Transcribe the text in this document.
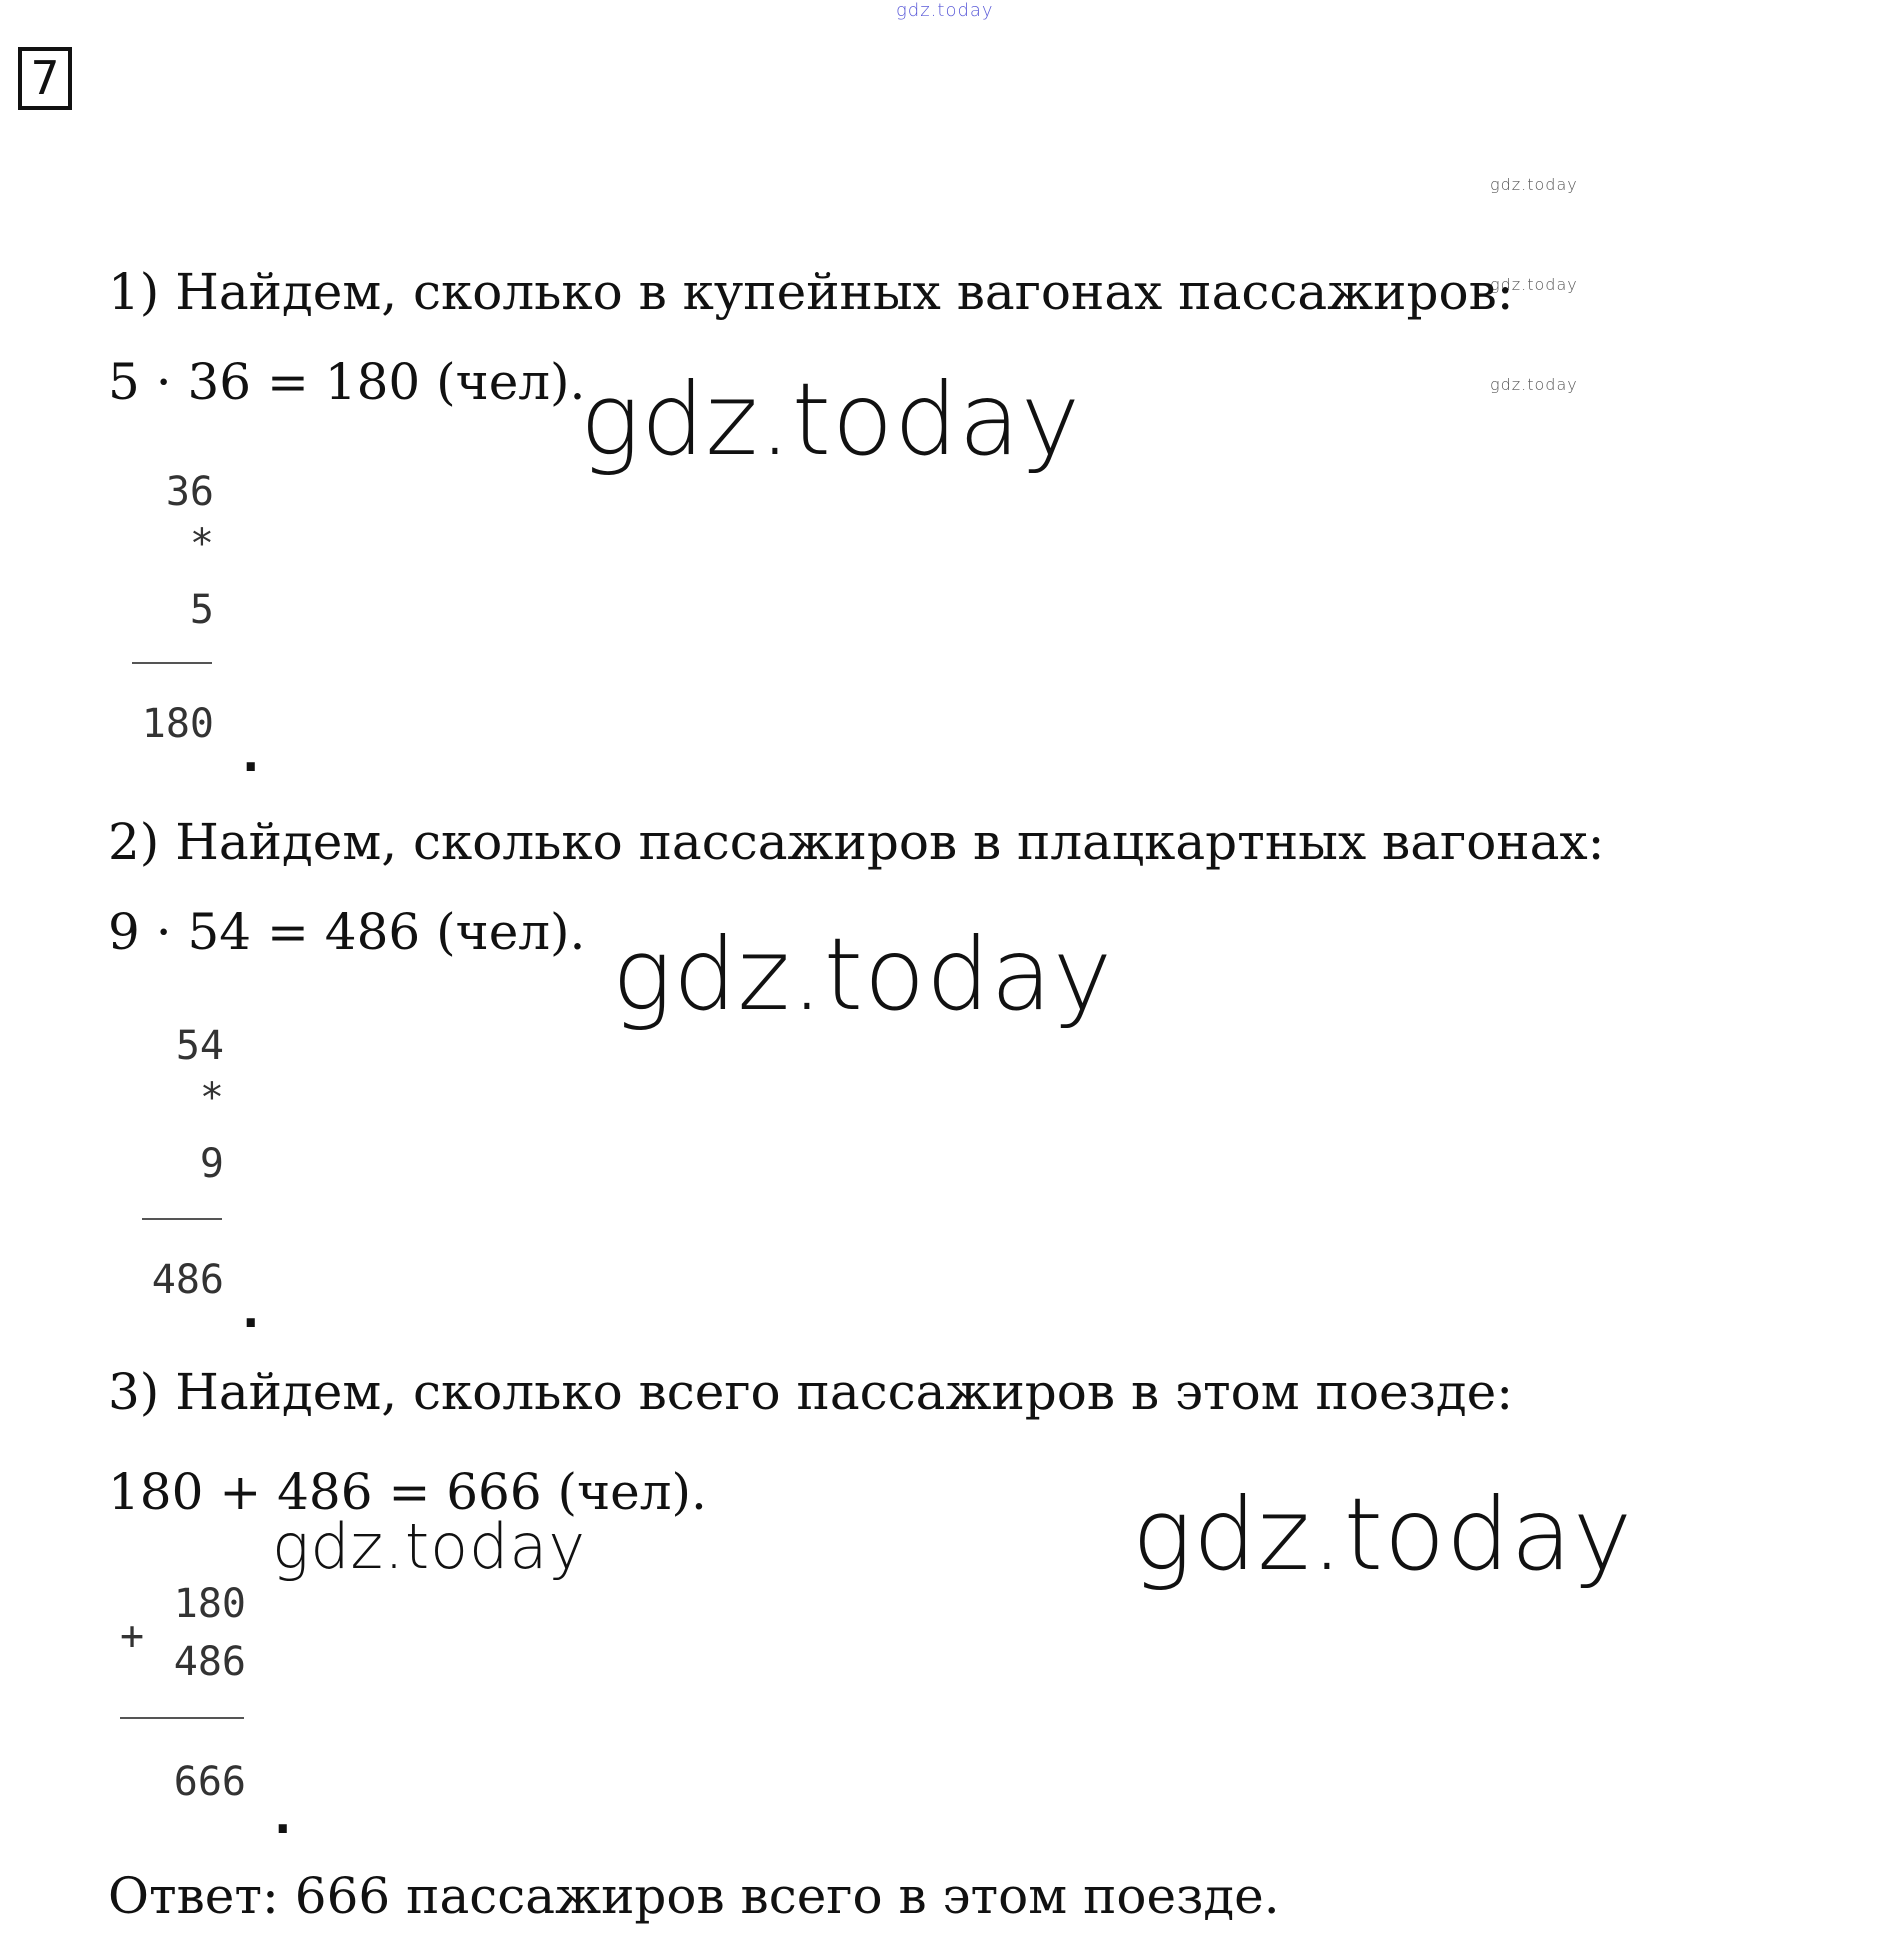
gdz.today
7
gdz.today
gdz.today
gdz.today
1) Найдем, сколько в купейных вагонах пассажиров:
5 · 36 = 180 (чел).
gdz.today
36
*
5
180
.
2) Найдем, сколько пассажиров в плацкартных вагонах:
9 · 54 = 486 (чел). gdz.today
54
*
9
486
.
3) Найдем, сколько всего пассажиров в этом поезде:
180 + 486 = 666 (чел).
gdz.today	gdz.today
+
180
486
666
.
Ответ: 666 пассажиров всего в этом поезде.
